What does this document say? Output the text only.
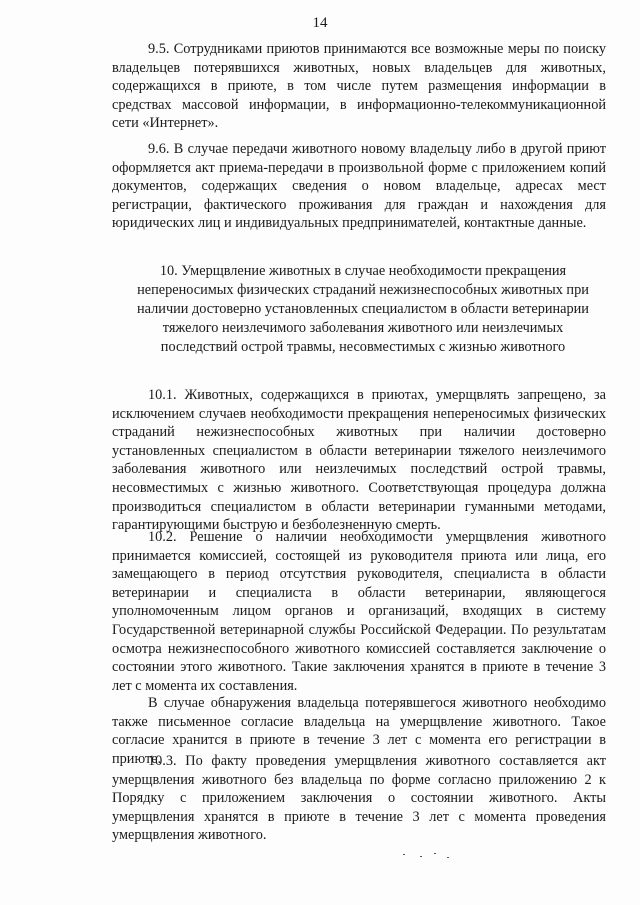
14

9.5. Сотрудниками приютов принимаются все возможные меры по поиску владельцев потерявшихся животных, новых владельцев для животных, содержащихся в приюте, в том числе путем размещения информации в средствах массовой информации, в информационно-телекоммуникационной сети «Интернет».

9.6. В случае передачи животного новому владельцу либо в другой приют оформляется акт приема-передачи в произвольной форме с приложением копий документов, содержащих сведения о новом владельце, адресах мест регистрации, фактического проживания для граждан и нахождения для юридических лиц и индивидуальных предпринимателей, контактные данные.

10. Умерщвление животных в случае необходимости прекращения непереносимых физических страданий нежизнеспособных животных при наличии достоверно установленных специалистом в области ветеринарии тяжелого неизлечимого заболевания животного или неизлечимых последствий острой травмы, несовместимых с жизнью животного

10.1. Животных, содержащихся в приютах, умерщвлять запрещено, за исключением случаев необходимости прекращения непереносимых физических страданий нежизнеспособных животных при наличии достоверно установленных специалистом в области ветеринарии тяжелого неизлечимого заболевания животного или неизлечимых последствий острой травмы, несовместимых с жизнью животного. Соответствующая процедура должна производиться специалистом в области ветеринарии гуманными методами, гарантирующими быструю и безболезненную смерть.

10.2. Решение о наличии необходимости умерщвления животного принимается комиссией, состоящей из руководителя приюта или лица, его замещающего в период отсутствия руководителя, специалиста в области ветеринарии и специалиста в области ветеринарии, являющегося уполномоченным лицом органов и организаций, входящих в систему Государственной ветеринарной службы Российской Федерации. По результатам осмотра нежизнеспособного животного комиссией составляется заключение о состоянии этого животного. Такие заключения хранятся в приюте в течение 3 лет с момента их составления.

В случае обнаружения владельца потерявшегося животного необходимо также письменное согласие владельца на умерщвление животного. Такое согласие хранится в приюте в течение 3 лет с момента его регистрации в приюте.

10.3. По факту проведения умерщвления животного составляется акт умерщвления животного без владельца по форме согласно приложению 2 к Порядку с приложением заключения о состоянии животного. Акты умерщвления хранятся в приюте в течение 3 лет с момента проведения умерщвления животного.
